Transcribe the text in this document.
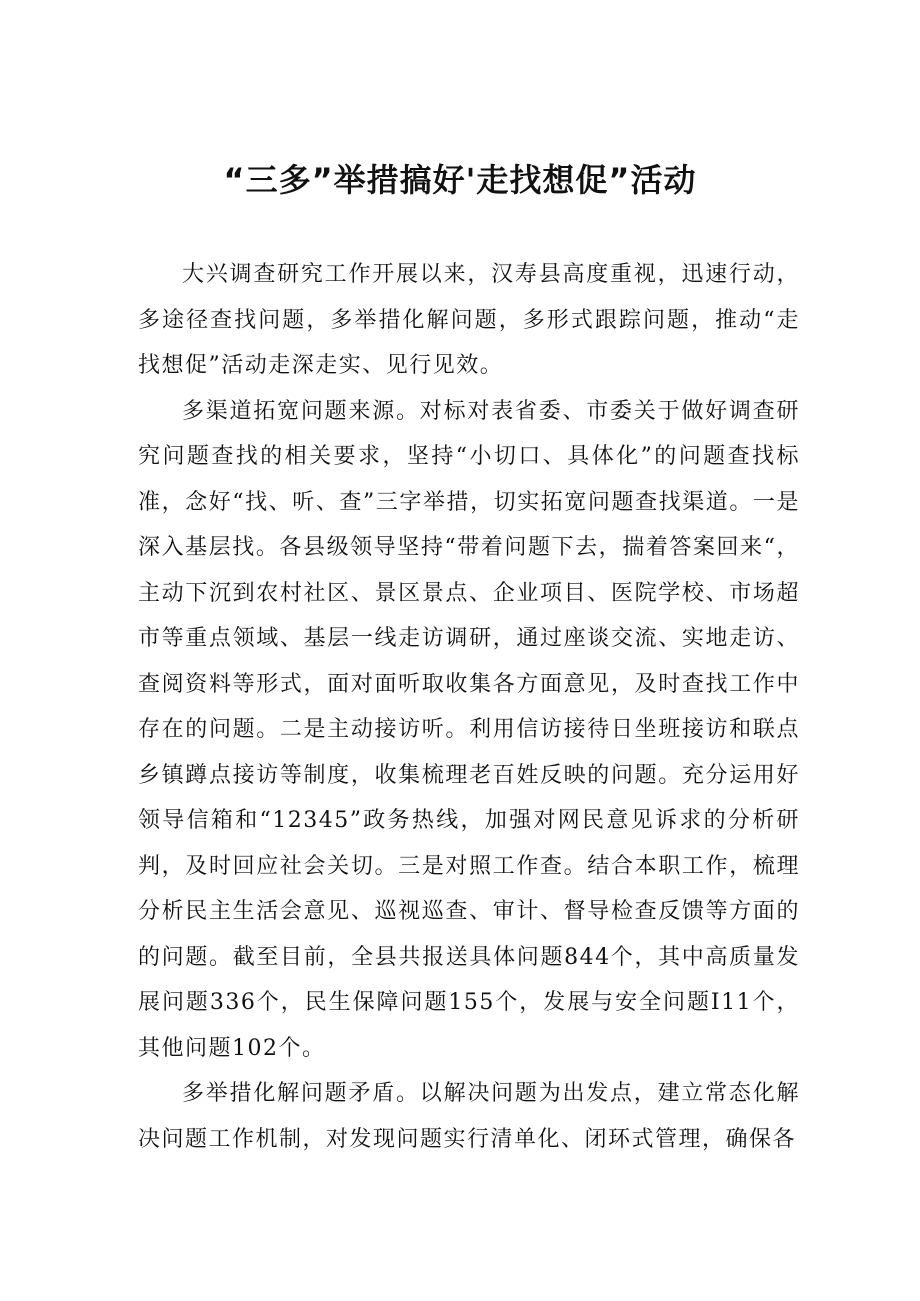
“三多”举措搞好'走找想促”活动

大兴调查研究工作开展以来，汉寿县高度重视，迅速行动，多途径查找问题，多举措化解问题，多形式跟踪问题，推动“走找想促”活动走深走实、见行见效。

多渠道拓宽问题来源。对标对表省委、市委关于做好调查研究问题查找的相关要求，坚持“小切口、具体化”的问题查找标准，念好“找、听、查”三字举措，切实拓宽问题查找渠道。一是深入基层找。各县级领导坚持“带着问题下去，揣着答案回来“，主动下沉到农村社区、景区景点、企业项目、医院学校、市场超市等重点领域、基层一线走访调研，通过座谈交流、实地走访、查阅资料等形式，面对面听取收集各方面意见，及时查找工作中存在的问题。二是主动接访听。利用信访接待日坐班接访和联点乡镇蹲点接访等制度，收集梳理老百姓反映的问题。充分运用好领导信箱和“12345”政务热线，加强对网民意见诉求的分析研判，及时回应社会关切。三是对照工作查。结合本职工作，梳理分析民主生活会意见、巡视巡查、审计、督导检查反馈等方面的的问题。截至目前，全县共报送具体问题844个，其中高质量发展问题336个，民生保障问题155个，发展与安全问题I11个，其他问题102个。

多举措化解问题矛盾。以解决问题为出发点，建立常态化解决问题工作机制，对发现问题实行清单化、闭环式管理，确保各
